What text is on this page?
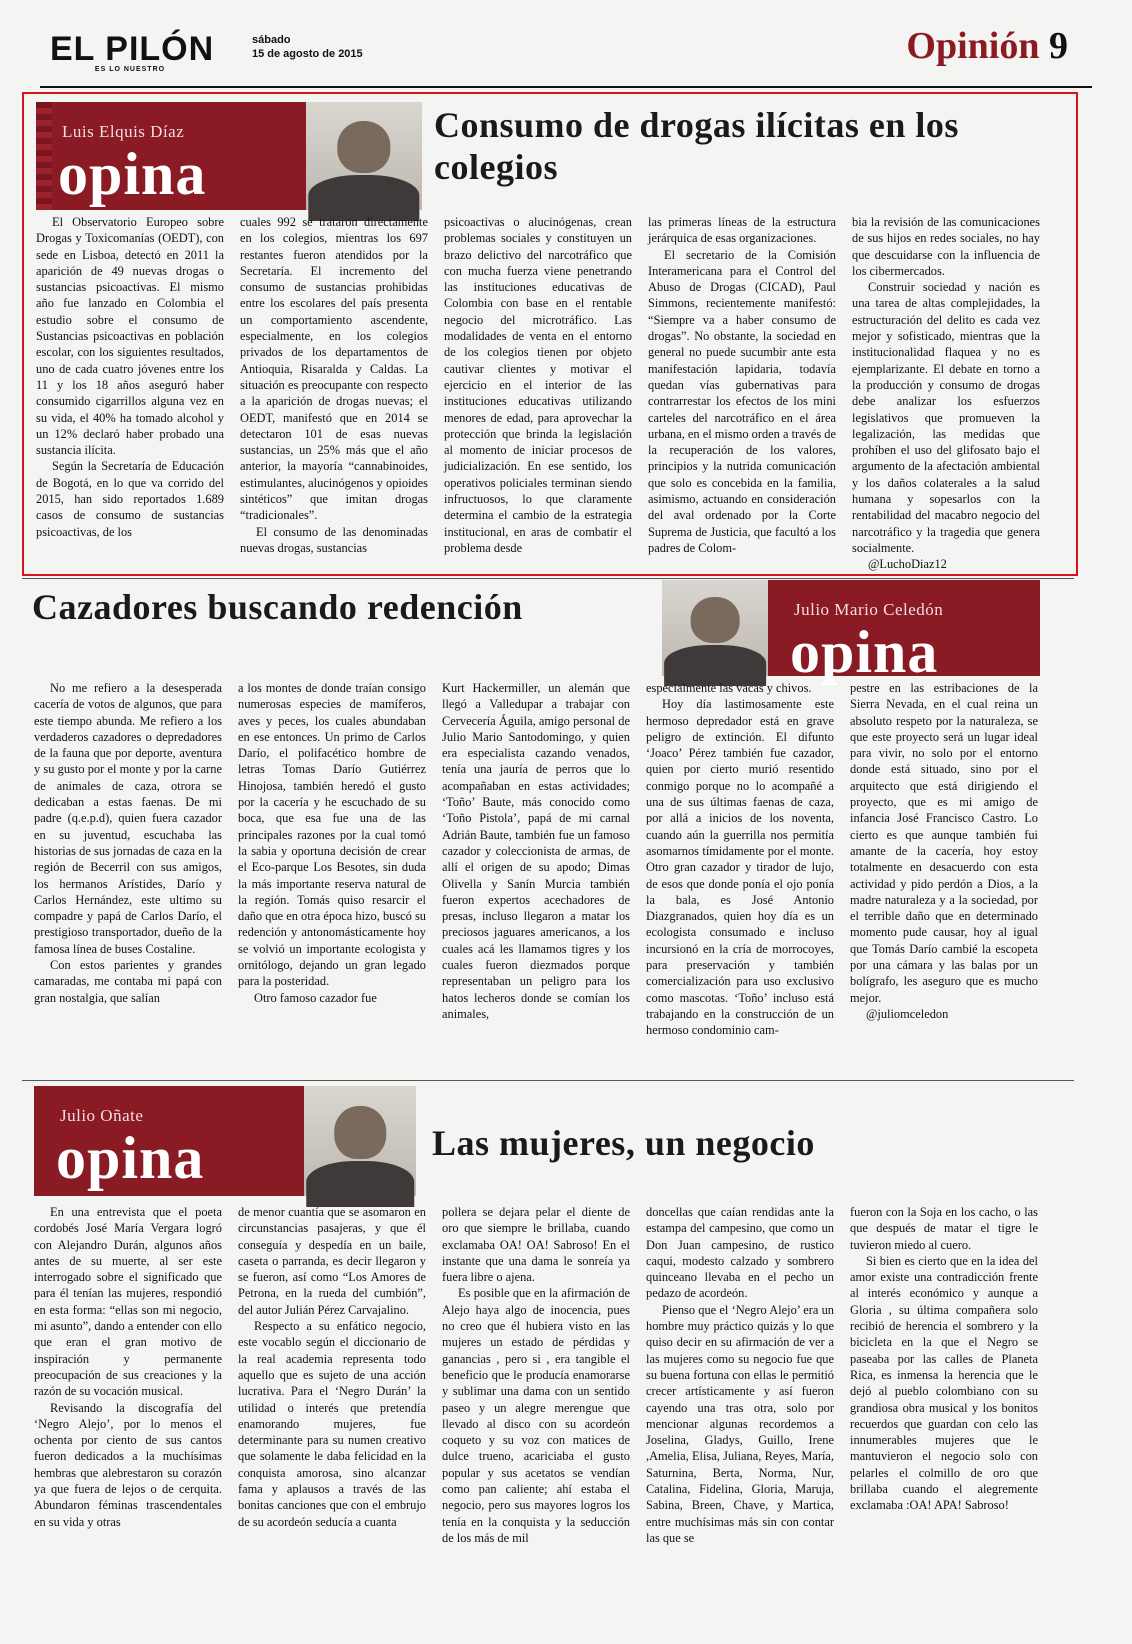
EL PILÓN
ES LO NUESTRO
sábado
15 de agosto de 2015	Opinión 9
Luis Elquis Díaz
opina
Consumo de drogas ilícitas en los colegios

El Observatorio Europeo sobre Drogas y Toxicomanías (OEDT), con sede en Lisboa, detectó en 2011 la aparición de 49 nuevas drogas o sustancias psicoactivas. El mismo año fue lanzado en Colombia el estudio sobre el consumo de Sustancias psicoactivas en población escolar, con los siguientes resultados, uno de cada cuatro jóvenes entre los 11 y los 18 años aseguró haber consumido cigarrillos alguna vez en su vida, el 40% ha tomado alcohol y un 12% declaró haber probado una sustancia ilícita.

Según la Secretaría de Educación de Bogotá, en lo que va corrido del 2015, han sido reportados 1.689 casos de consumo de sustancias psicoactivas, de los

cuales 992 se trataron directamente en los colegios, mientras los 697 restantes fueron atendidos por la Secretaría. El incremento del consumo de sustancias prohibidas entre los escolares del país presenta un comportamiento ascendente, especialmente, en los colegios privados de los departamentos de Antioquia, Risaralda y Caldas. La situación es preocupante con respecto a la aparición de drogas nuevas; el OEDT, manifestó que en 2014 se detectaron 101 de esas nuevas sustancias, un 25% más que el año anterior, la mayoría “cannabinoides, estimulantes, alucinógenos y opioides sintéticos” que imitan drogas “tradicionales”.

El consumo de las denominadas nuevas drogas, sustancias

psicoactivas o alucinógenas, crean problemas sociales y constituyen un brazo delictivo del narcotráfico que con mucha fuerza viene penetrando las instituciones educativas de Colombia con base en el rentable negocio del microtráfico. Las modalidades de venta en el entorno de los colegios tienen por objeto cautivar clientes y motivar el ejercicio en el interior de las instituciones educativas utilizando menores de edad, para aprovechar la protección que brinda la legislación al momento de iniciar procesos de judicialización. En ese sentido, los operativos policiales terminan siendo infructuosos, lo que claramente determina el cambio de la estrategia institucional, en aras de combatir el problema desde

las primeras líneas de la estructura jerárquica de esas organizaciones.

El secretario de la Comisión Interamericana para el Control del Abuso de Drogas (CICAD), Paul Simmons, recientemente manifestó: “Siempre va a haber consumo de drogas”. No obstante, la sociedad en general no puede sucumbir ante esta manifestación lapidaria, todavía quedan vías gubernativas para contrarrestar los efectos de los mini carteles del narcotráfico en el área urbana, en el mismo orden a través de la recuperación de los valores, principios y la nutrida comunicación que solo es concebida en la familia, asimismo, actuando en consideración del aval ordenado por la Corte Suprema de Justicia, que facultó a los padres de Colom-

bia la revisión de las comunicaciones de sus hijos en redes sociales, no hay que descuidarse con la influencia de los cibermercados.

Construir sociedad y nación es una tarea de altas complejidades, la estructuración del delito es cada vez mejor y sofisticado, mientras que la institucionalidad flaquea y no es ejemplarizante. El debate en torno a la producción y consumo de drogas debe analizar los esfuerzos legislativos que promueven la legalización, las medidas que prohíben el uso del glifosato bajo el argumento de la afectación ambiental y los daños colaterales a la salud humana y sopesarlos con la rentabilidad del macabro negocio del narcotráfico y la tragedia que genera socialmente.

@LuchoDiaz12

Cazadores buscando redención	Julio Mario Celedón
opina

No me refiero a la desesperada cacería de votos de algunos, que para este tiempo abunda. Me refiero a los verdaderos cazadores o depredadores de la fauna que por deporte, aventura y su gusto por el monte y por la carne de animales de caza, otrora se dedicaban a estas faenas. De mi padre (q.e.p.d), quien fuera cazador en su juventud, escuchaba las historias de sus jornadas de caza en la región de Becerril con sus amigos, los hermanos Arístides, Darío y Carlos Hernández, este ultimo su compadre y papá de Carlos Darío, el prestigioso transportador, dueño de la famosa línea de buses Costaline.

Con estos parientes y grandes camaradas, me contaba mi papá con gran nostalgia, que salían

a los montes de donde traían consigo numerosas especies de mamíferos, aves y peces, los cuales abundaban en ese entonces. Un primo de Carlos Darío, el polifacético hombre de letras Tomas Darío Gutiérrez Hinojosa, también heredó el gusto por la cacería y he escuchado de su boca, que esa fue una de las principales razones por la cual tomó la sabia y oportuna decisión de crear el Eco-parque Los Besotes, sin duda la más importante reserva natural de la región. Tomás quiso resarcir el daño que en otra época hizo, buscó su redención y antonomásticamente hoy se volvió un importante ecologista y ornitólogo, dejando un gran legado para la posteridad.

Otro famoso cazador fue

Kurt Hackermiller, un alemán que llegó a Valledupar a trabajar con Cervecería Águila, amigo personal de Julio Mario Santodomingo, y quien era especialista cazando venados, tenía una jauría de perros que lo acompañaban en estas actividades; ‘Toño’ Baute, más conocido como ‘Toño Pistola’, papá de mi carnal Adrián Baute, también fue un famoso cazador y coleccionista de armas, de allí el origen de su apodo; Dimas Olivella y Sanín Murcia también fueron expertos acechadores de presas, incluso llegaron a matar los preciosos jaguares americanos, a los cuales acá les llamamos tigres y los cuales fueron diezmados porque representaban un peligro para los hatos lecheros donde se comían los animales,

especialmente las vacas y chivos.

Hoy día lastimosamente este hermoso depredador está en grave peligro de extinción. El difunto ‘Joaco’ Pérez también fue cazador, quien por cierto murió resentido conmigo porque no lo acompañé a una de sus últimas faenas de caza, por allá a inicios de los noventa, cuando aún la guerrilla nos permitía asomarnos tímidamente por el monte. Otro gran cazador y tirador de lujo, de esos que donde ponía el ojo ponía la bala, es José Antonio Diazgranados, quien hoy día es un ecologista consumado e incluso incursionó en la cría de morrocoyes, para preservación y también comercialización para uso exclusivo como mascotas. ‘Toño’ incluso está trabajando en la construcción de un hermoso condominio cam-

pestre en las estribaciones de la Sierra Nevada, en el cual reina un absoluto respeto por la naturaleza, se que este proyecto será un lugar ideal para vivir, no solo por el entorno donde está situado, sino por el arquitecto que está dirigiendo el proyecto, que es mi amigo de infancia José Francisco Castro. Lo cierto es que aunque también fui amante de la cacería, hoy estoy totalmente en desacuerdo con esta actividad y pido perdón a Dios, a la madre naturaleza y a la sociedad, por el terrible daño que en determinado momento pude causar, hoy al igual que Tomás Darío cambié la escopeta por una cámara y las balas por un bolígrafo, les aseguro que es mucho mejor.

@juliomceledon

Julio Oñate
opina	Las mujeres, un negocio

En una entrevista que el poeta cordobés José María Vergara logró con Alejandro Durán, algunos años antes de su muerte, al ser este interrogado sobre el significado que para él tenían las mujeres, respondió en esta forma: “ellas son mi negocio, mi asunto”, dando a entender con ello que eran el gran motivo de inspiración y permanente preocupación de sus creaciones y la razón de su vocación musical.

Revisando la discografía del ‘Negro Alejo’, por lo menos el ochenta por ciento de sus cantos fueron dedicados a la muchísimas hembras que alebrestaron su corazón ya que fuera de lejos o de cerquita. Abundaron féminas trascendentales en su vida y otras

de menor cuantía que se asomaron en circunstancias pasajeras, y que él conseguía y despedía en un baile, caseta o parranda, es decir llegaron y se fueron, así como “Los Amores de Petrona, en la rueda del cumbión”, del autor Julián Pérez Carvajalino.

Respecto a su enfático negocio, este vocablo según el diccionario de la real academia representa todo aquello que es sujeto de una acción lucrativa. Para el ‘Negro Durán’ la utilidad o interés que pretendía enamorando mujeres, fue determinante para su numen creativo que solamente le daba felicidad en la conquista amorosa, sino alcanzar fama y aplausos a través de las bonitas canciones que con el embrujo de su acordeón seducía a cuanta

pollera se dejara pelar el diente de oro que siempre le brillaba, cuando exclamaba OA! OA! Sabroso! En el instante que una dama le sonreía ya fuera libre o ajena.

Es posible que en la afirmación de Alejo haya algo de inocencia, pues no creo que él hubiera visto en las mujeres un estado de pérdidas y ganancias , pero si , era tangible el beneficio que le producía enamorarse y sublimar una dama con un sentido paseo y un alegre merengue que llevado al disco con su acordeón coqueto y su voz con matices de dulce trueno, acariciaba el gusto popular y sus acetatos se vendían como pan caliente; ahí estaba el negocio, pero sus mayores logros los tenía en la conquista y la seducción de los más de mil

doncellas que caían rendidas ante la estampa del campesino, que como un Don Juan campesino, de rustico caqui, modesto calzado y sombrero quinceano llevaba en el pecho un pedazo de acordeón.

Pienso que el ‘Negro Alejo’ era un hombre muy práctico quizás y lo que quiso decir en su afirmación de ver a las mujeres como su negocio fue que su buena fortuna con ellas le permitió crecer artísticamente y así fueron cayendo una tras otra, solo por mencionar algunas recordemos a Joselina, Gladys, Guillo, Irene ,Amelia, Elisa, Juliana, Reyes, María, Saturnina, Berta, Norma, Nur, Catalina, Fidelina, Gloria, Maruja, Sabina, Breen, Chave, y Martica, entre muchísimas más sin con contar las que se

fueron con la Soja en los cacho, o las que después de matar el tigre le tuvieron miedo al cuero.

Si bien es cierto que en la idea del amor existe una contradicción frente al interés económico y aunque a Gloria , su última compañera solo recibió de herencia el sombrero y la bicicleta en la que el Negro se paseaba por las calles de Planeta Rica, es inmensa la herencia que le dejó al pueblo colombiano con su grandiosa obra musical y los bonitos recuerdos que guardan con celo las innumerables mujeres que le mantuvieron el negocio solo con pelarles el colmillo de oro que brillaba cuando el alegremente exclamaba :OA! APA! Sabroso!
